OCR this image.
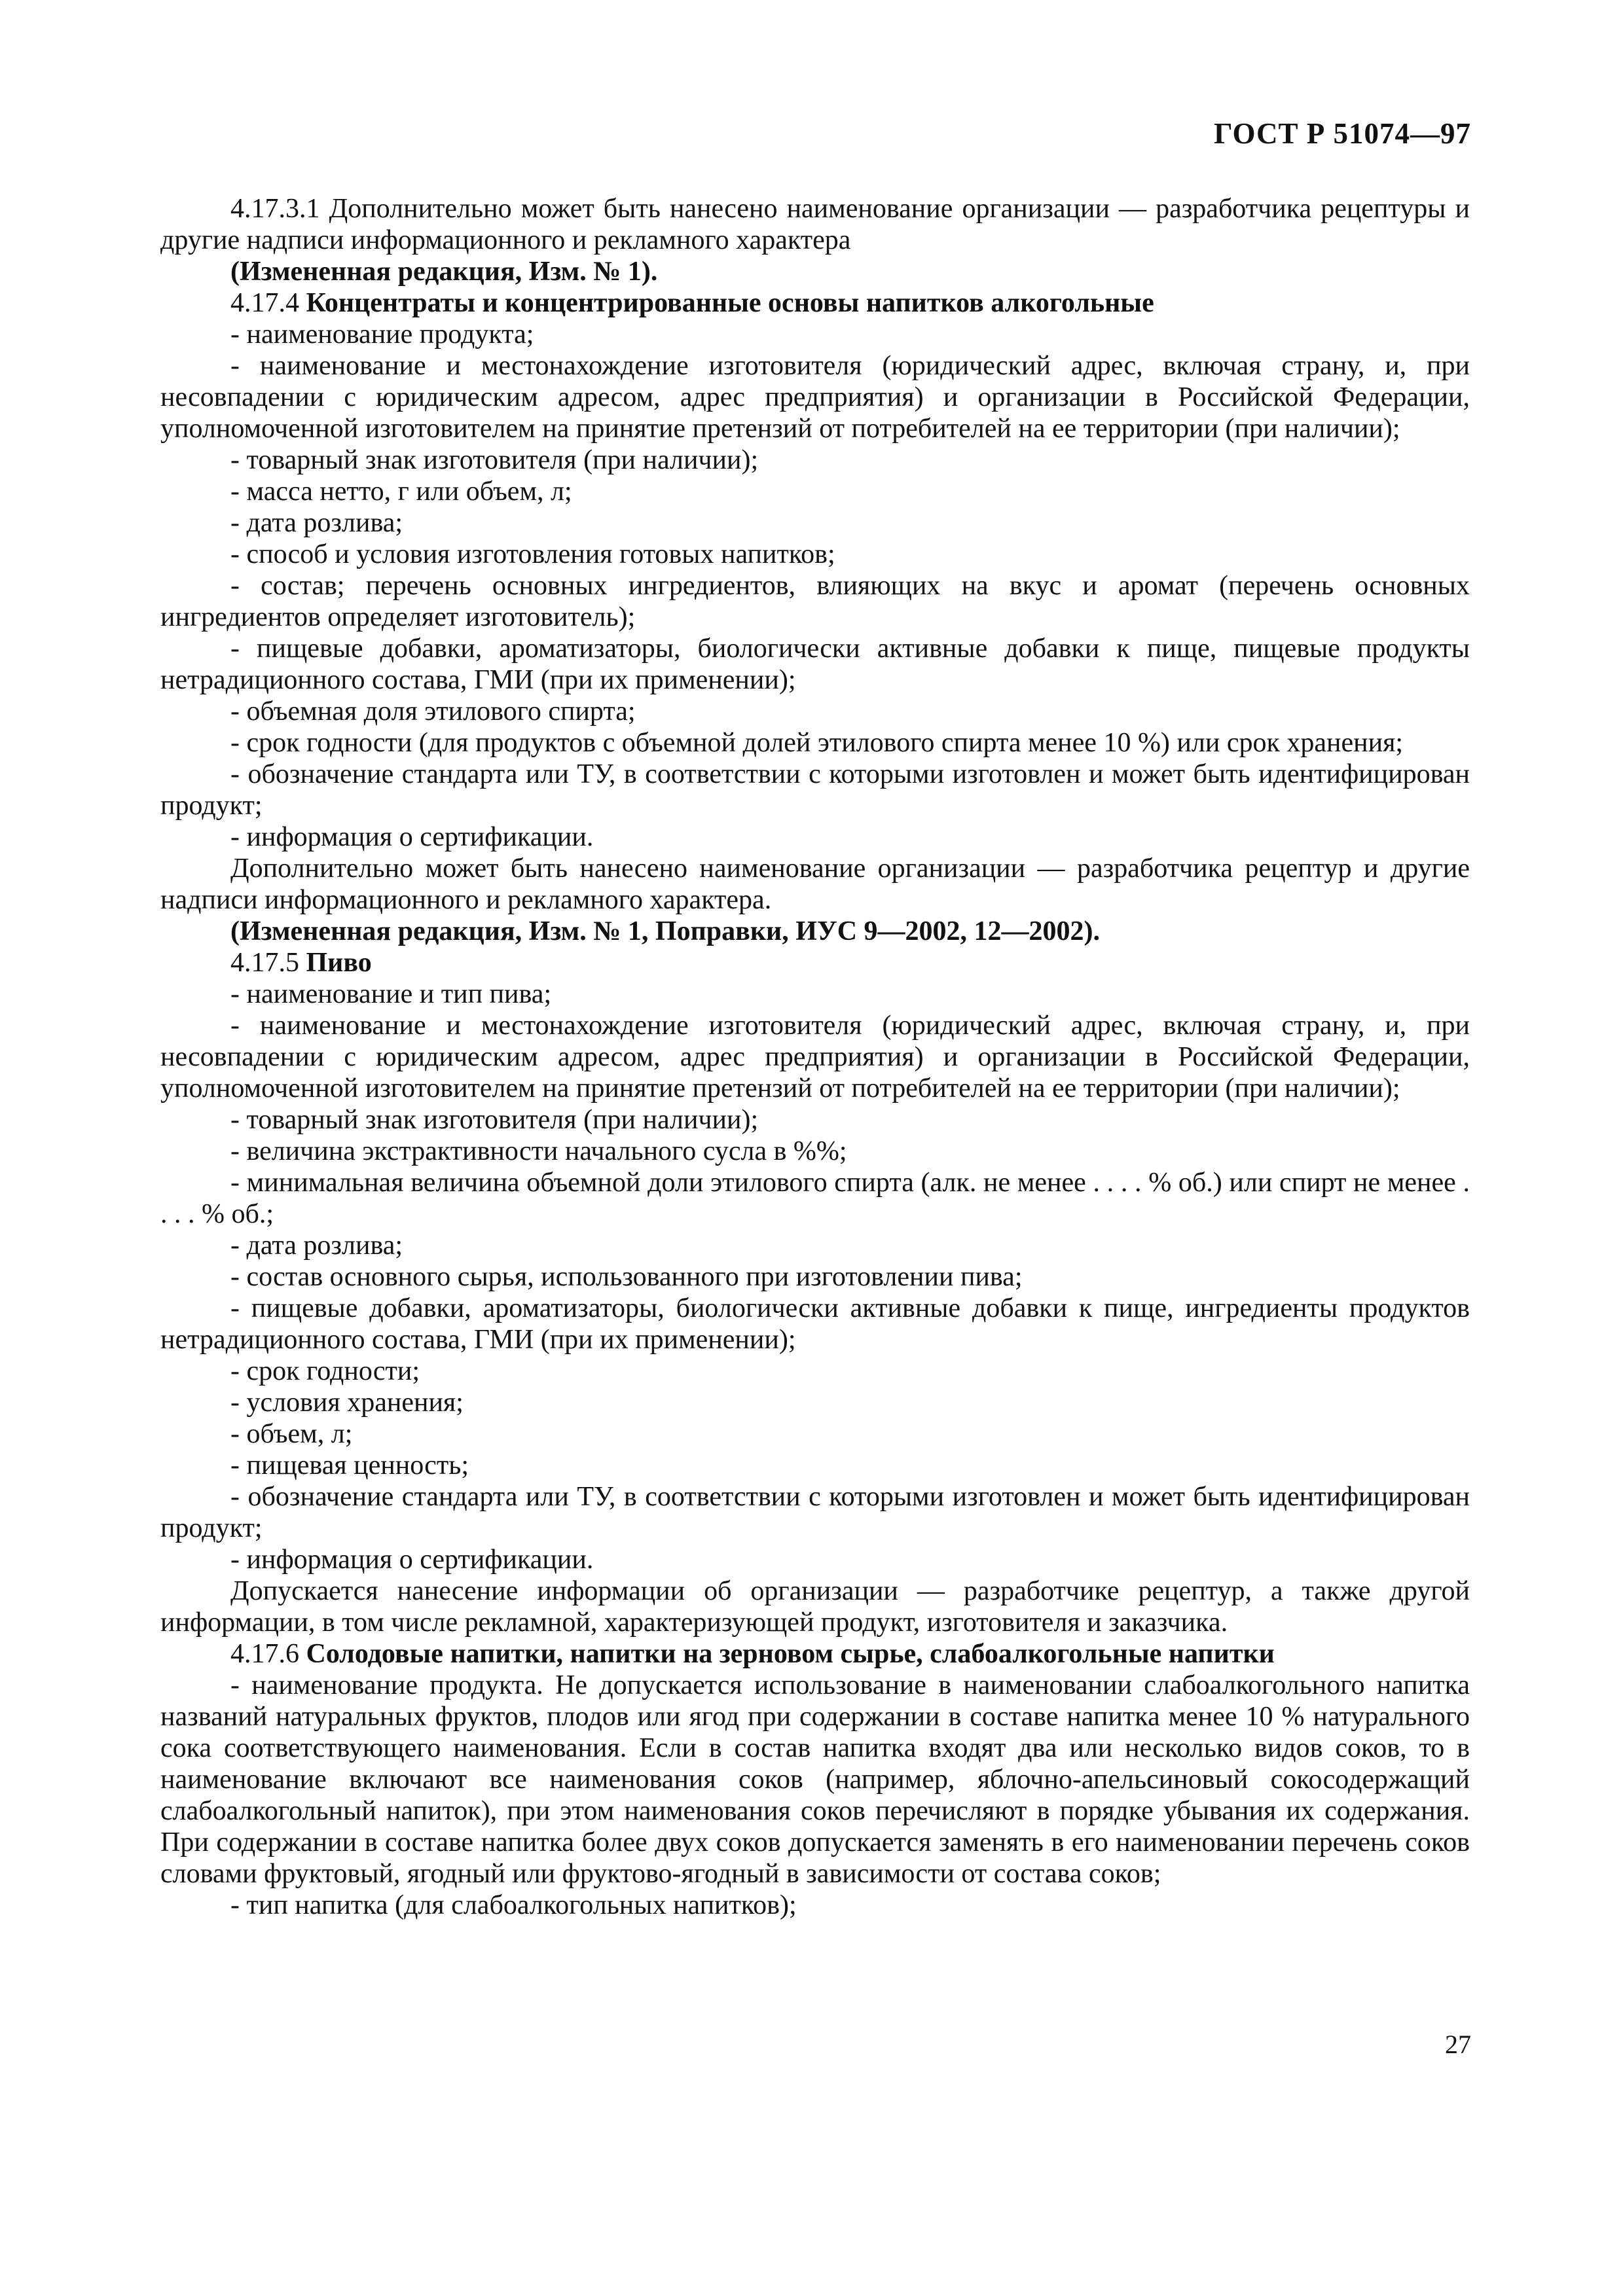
ГОСТ Р 51074—97

4.17.3.1 Дополнительно может быть нанесено наименование организации — разработчика рецептуры и другие надписи информационного и рекламного характера

(Измененная редакция, Изм. № 1).

4.17.4 Концентраты и концентрированные основы напитков алкогольные

- наименование продукта;

- наименование и местонахождение изготовителя (юридический адрес, включая страну, и, при несовпадении с юридическим адресом, адрес предприятия) и организации в Российской Федерации, уполномоченной изготовителем на принятие претензий от потребителей на ее территории (при наличии);

- товарный знак изготовителя (при наличии);

- масса нетто, г или объем, л;

- дата розлива;

- способ и условия изготовления готовых напитков;

- состав; перечень основных ингредиентов, влияющих на вкус и аромат (перечень основных ингредиентов определяет изготовитель);

- пищевые добавки, ароматизаторы, биологически активные добавки к пище, пищевые продукты нетрадиционного состава, ГМИ (при их применении);

- объемная доля этилового спирта;

- срок годности (для продуктов с объемной долей этилового спирта менее 10 %) или срок хранения;

- обозначение стандарта или ТУ, в соответствии с которыми изготовлен и может быть идентифицирован продукт;

- информация о сертификации.

Дополнительно может быть нанесено наименование организации — разработчика рецептур и другие надписи информационного и рекламного характера.

(Измененная редакция, Изм. № 1, Поправки, ИУС 9—2002, 12—2002).

4.17.5 Пиво

- наименование и тип пива;

- наименование и местонахождение изготовителя (юридический адрес, включая страну, и, при несовпадении с юридическим адресом, адрес предприятия) и организации в Российской Федерации, уполномоченной изготовителем на принятие претензий от потребителей на ее территории (при наличии);

- товарный знак изготовителя (при наличии);

- величина экстрактивности начального сусла в %%;

- минимальная величина объемной доли этилового спирта (алк. не менее . . . . % об.) или спирт не менее . . . . % об.;

- дата розлива;

- состав основного сырья, использованного при изготовлении пива;

- пищевые добавки, ароматизаторы, биологически активные добавки к пище, ингредиенты продуктов нетрадиционного состава, ГМИ (при их применении);

- срок годности;

- условия хранения;

- объем, л;

- пищевая ценность;

- обозначение стандарта или ТУ, в соответствии с которыми изготовлен и может быть идентифицирован продукт;

- информация о сертификации.

Допускается нанесение информации об организации — разработчике рецептур, а также другой информации, в том числе рекламной, характеризующей продукт, изготовителя и заказчика.

4.17.6 Солодовые напитки, напитки на зерновом сырье, слабоалкогольные напитки

- наименование продукта. Не допускается использование в наименовании слабоалкогольного напитка названий натуральных фруктов, плодов или ягод при содержании в составе напитка менее 10 % натурального сока соответствующего наименования. Если в состав напитка входят два или несколько видов соков, то в наименование включают все наименования соков (например, яблочно-апельсиновый сокосодержащий слабоалкогольный напиток), при этом наименования соков перечисляют в порядке убывания их содержания. При содержании в составе напитка более двух соков допускается заменять в его наименовании перечень соков словами фруктовый, ягодный или фруктово-ягодный в зависимости от состава соков;

- тип напитка (для слабоалкогольных напитков);

27
